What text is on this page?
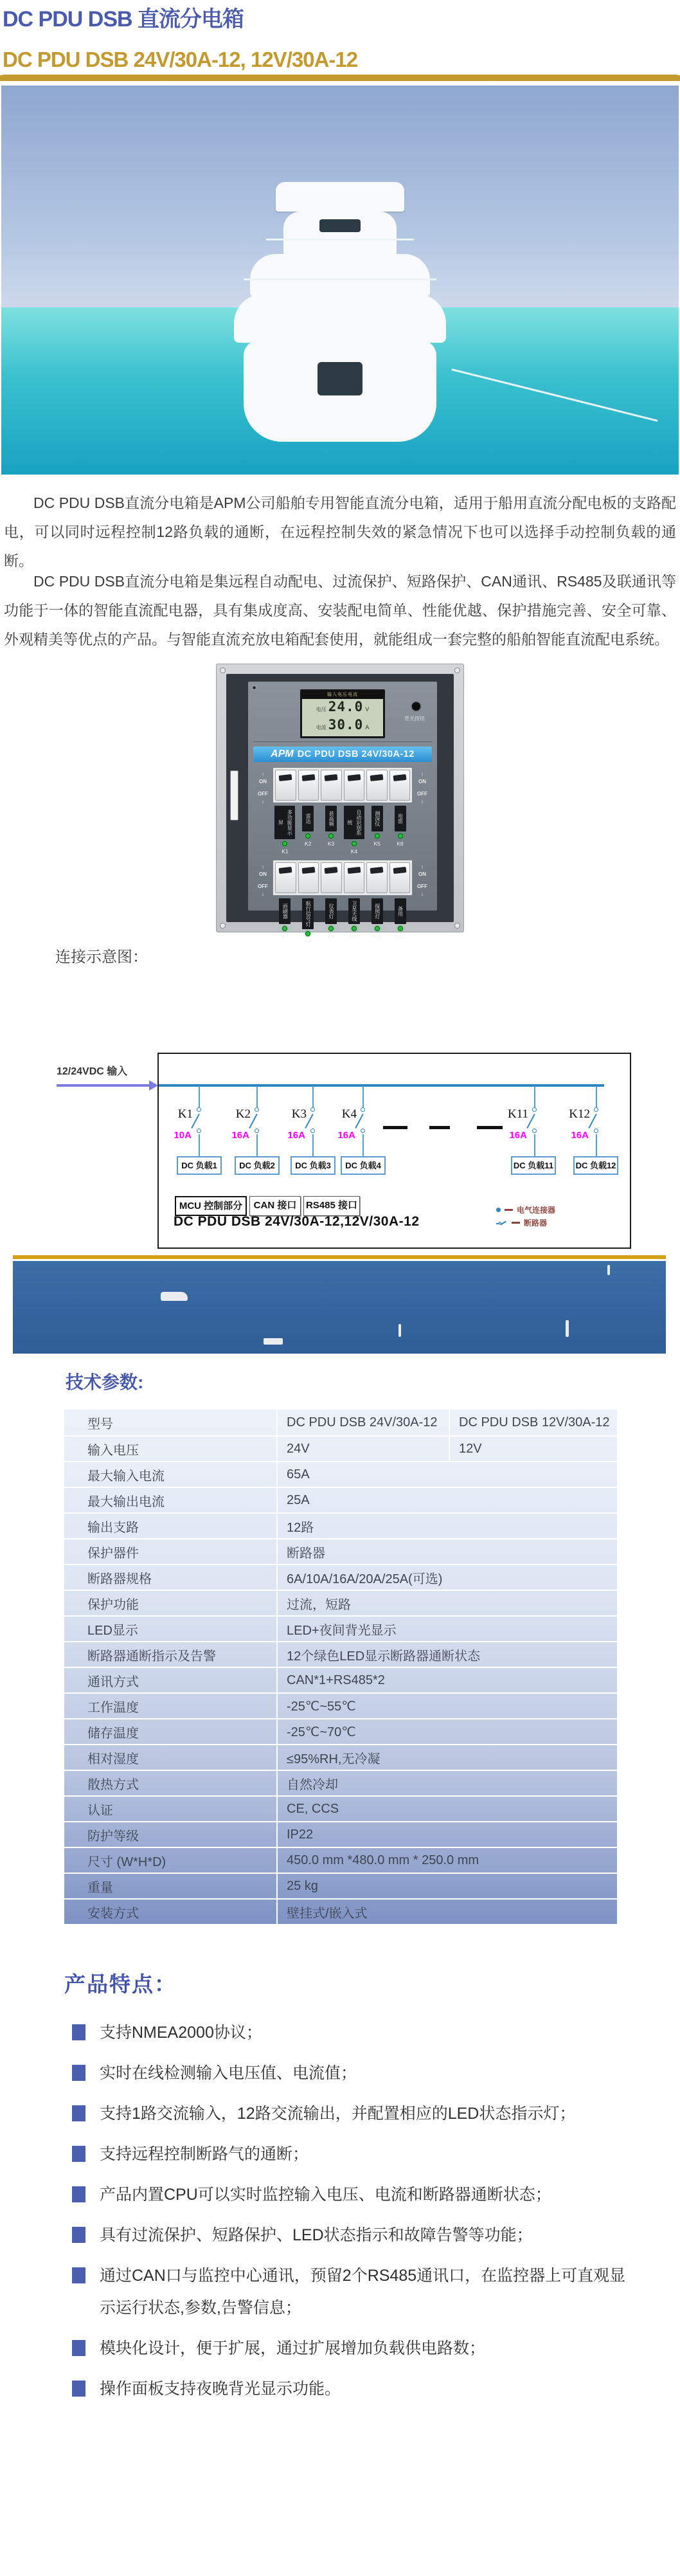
DC PDU DSB 直流分电箱
DC PDU DSB 24V/30A-12, 12V/30A-12

DC PDU DSB直流分电箱是APM公司船舶专用智能直流分电箱，适用于船用直流分配电板的支路配电，可以同时远程控制12路负载的通断，在远程控制失效的紧急情况下也可以选择手动控制负载的通断。

DC PDU DSB直流分电箱是集远程自动配电、过流保护、短路保护、CAN通讯、RS485及联通讯等功能于一体的智能直流配电器，具有集成度高、安装配电简单、性能优越、保护措施完善、安全可靠、外观精美等优点的产品。与智能直流充放电箱配套使用，就能组成一套完整的船舶智能直流配电系统。

输入电压电流
电压 24.0 V
电流 30.0 A
背光按钮
APM DC PDU DSB 24V/30A-12
↑
ON
OFF
↓
多功能显示屏
K1
雷达
K2
甚高频
K3
自动识别系统
K4
测深仪
K5
电笛
K6
↑
ON
OFF
↓
↑
ON
OFF
↓
雨刷器
K7
航行信号灯
K8
仪表灯
K9
卫星天线
K10
探照灯
K11
备用
K12
↑
ON
OFF
↓
连接示意图：
12/24VDC 输入
K1
10A
DC 负载1
K2
16A
DC 负载2
K3
16A
DC 负载3
K4
16A
DC 负载4
K11
16A
DC 负载11
K12
16A
DC 负载12
MCU 控制部分	CAN 接口 RS485 接口
DC PDU DSB 24V/30A-12,12V/30A-12
电气连接器
断路器
技术参数:
型号	DC PDU DSB 24V/30A-12	DC PDU DSB 12V/30A-12
输入电压	24V	12V
最大输入电流	65A
最大输出电流	25A
输出支路	12路
保护器件	断路器
断路器规格	6A/10A/16A/20A/25A(可选)
保护功能	过流，短路
LED显示	LED+夜间背光显示
断路器通断指示及告警	12个绿色LED显示断路器通断状态
通讯方式	CAN*1+RS485*2
工作温度	-25℃~55℃
储存温度	-25℃~70℃
相对湿度	≤95%RH,无冷凝
散热方式	自然冷却
认证	CE, CCS
防护等级	IP22
尺寸 (W*H*D)	450.0 mm *480.0 mm * 250.0 mm
重量	25 kg
安装方式	壁挂式/嵌入式
产品特点：
支持NMEA2000协议；
实时在线检测输入电压值、电流值；
支持1路交流输入，12路交流输出，并配置相应的LED状态指示灯；
支持远程控制断路气的通断；
产品内置CPU可以实时监控输入电压、电流和断路器通断状态；
具有过流保护、短路保护、LED状态指示和故障告警等功能；
通过CAN口与监控中心通讯，预留2个RS485通讯口，在监控器上可直观显示运行状态,参数,告警信息；
模块化设计，便于扩展，通过扩展增加负载供电路数；
操作面板支持夜晚背光显示功能。
